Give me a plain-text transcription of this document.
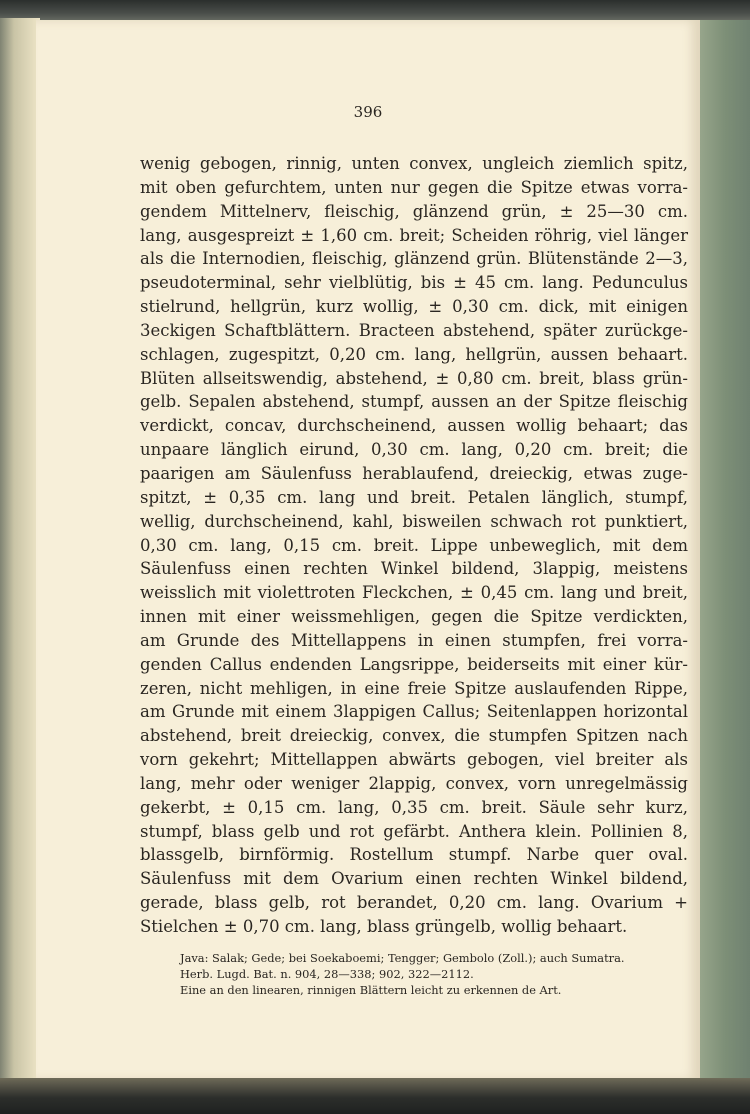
396
wenig gebogen, rinnig, unten convex, ungleich ziemlich spitz,
mit oben gefurchtem, unten nur gegen die Spitze etwas vorra-
gendem Mittelnerv, fleischig, glänzend grün, ± 25—30 cm.
lang, ausgespreizt ± 1,60 cm. breit; Scheiden röhrig, viel länger
als die Internodien, fleischig, glänzend grün. Blütenstände 2—3,
pseudoterminal, sehr vielblütig, bis ± 45 cm. lang. Pedunculus
stielrund, hellgrün, kurz wollig, ± 0,30 cm. dick, mit einigen
3eckigen Schaftblättern. Bracteen abstehend, später zurückge-
schlagen, zugespitzt, 0,20 cm. lang, hellgrün, aussen behaart.
Blüten allseitswendig, abstehend, ± 0,80 cm. breit, blass grün-
gelb. Sepalen abstehend, stumpf, aussen an der Spitze fleischig
verdickt, concav, durchscheinend, aussen wollig behaart; das
unpaare länglich eirund, 0,30 cm. lang, 0,20 cm. breit; die
paarigen am Säulenfuss herablaufend, dreieckig, etwas zuge-
spitzt, ± 0,35 cm. lang und breit. Petalen länglich, stumpf,
wellig, durchscheinend, kahl, bisweilen schwach rot punktiert,
0,30 cm. lang, 0,15 cm. breit. Lippe unbeweglich, mit dem
Säulenfuss einen rechten Winkel bildend, 3lappig, meistens
weisslich mit violettroten Fleckchen, ± 0,45 cm. lang und breit,
innen mit einer weissmehligen, gegen die Spitze verdickten,
am Grunde des Mittellappens in einen stumpfen, frei vorra-
genden Callus endenden Langsrippe, beiderseits mit einer kür-
zeren, nicht mehligen, in eine freie Spitze auslaufenden Rippe,
am Grunde mit einem 3lappigen Callus; Seitenlappen horizontal
abstehend, breit dreieckig, convex, die stumpfen Spitzen nach
vorn gekehrt; Mittellappen abwärts gebogen, viel breiter als
lang, mehr oder weniger 2lappig, convex, vorn unregelmässig
gekerbt, ± 0,15 cm. lang, 0,35 cm. breit. Säule sehr kurz,
stumpf, blass gelb und rot gefärbt. Anthera klein. Pollinien 8,
blassgelb, birnförmig. Rostellum stumpf. Narbe quer oval.
Säulenfuss mit dem Ovarium einen rechten Winkel bildend,
gerade, blass gelb, rot berandet, 0,20 cm. lang. Ovarium +
Stielchen ± 0,70 cm. lang, blass grüngelb, wollig behaart.
Java: Salak; Gede; bei Soekaboemi; Tengger; Gembolo (Zoll.); auch Sumatra.
Herb. Lugd. Bat. n. 904, 28—338; 902, 322—2112.
Eine an den linearen, rinnigen Blättern leicht zu erkennen de Art.
